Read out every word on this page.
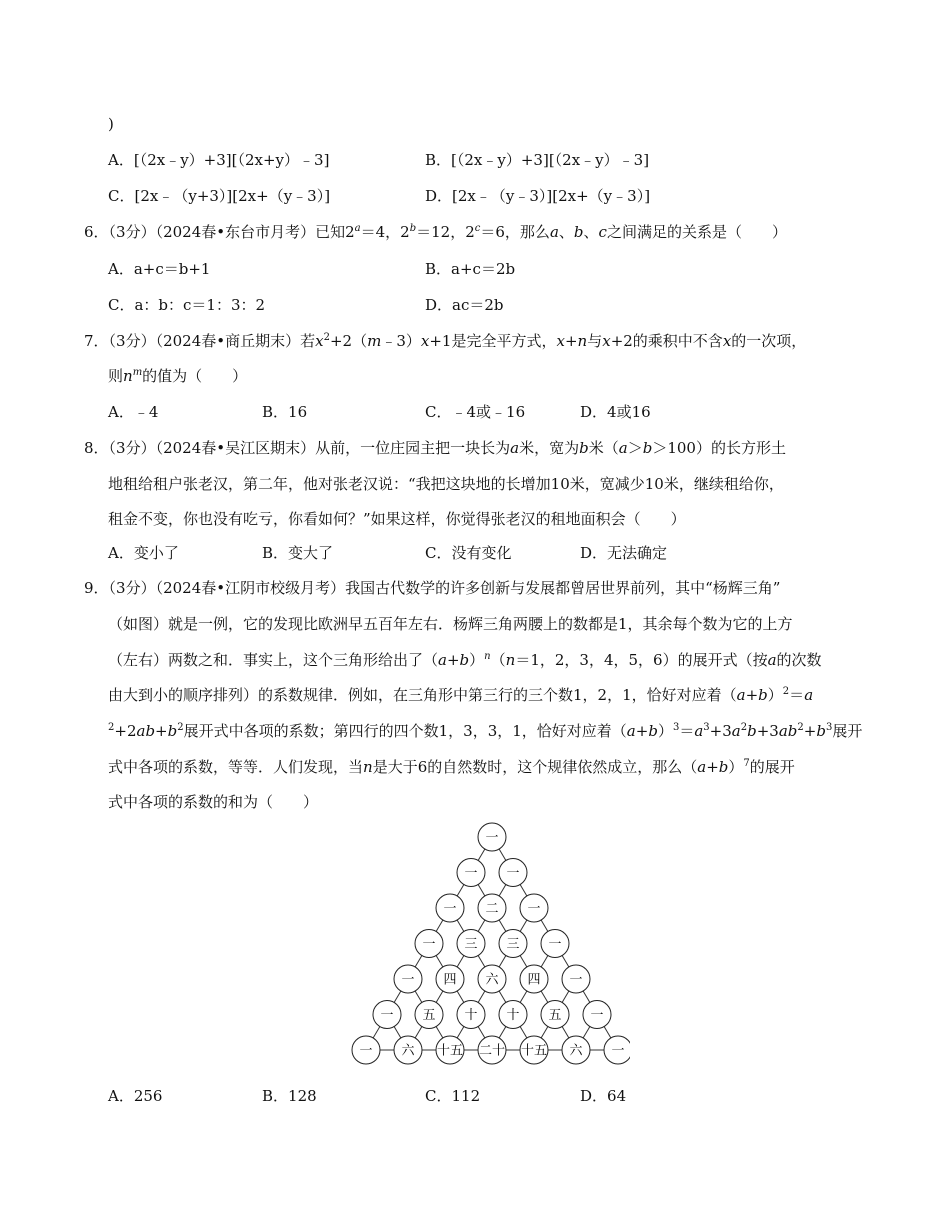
)
A．[（2x﹣y）+3][（2x+y）﹣3]	B．[（2x﹣y）+3][（2x﹣y）﹣3]
C．[2x﹣（y+3）][2x+（y﹣3）]	D．[2x﹣（y﹣3）][2x+（y﹣3）]
6．（3分）（2024春•东台市月考）已知$2^a=4$，$2^b=12$，$2^c=6$，那么a、b、c之间满足的关系是（　　）
A．a+c＝b+1	B．a+c＝2b
C．a：b：c＝1：3：2	D．ac＝2b
7．（3分）（2024春•商丘期末）若$x^2+2(m﹣3)x+1$是完全平方式，x+n与x+2的乘积中不含x的一次项，
则$n^m$的值为（　　）
A．﹣4	B．16	C．﹣4或﹣16	D．4或16
8．（3分）（2024春•吴江区期末）从前，一位庄园主把一块长为a米，宽为b米（a＞b＞100）的长方形土
地租给租户张老汉，第二年，他对张老汉说：“我把这块地的长增加10米，宽减少10米，继续租给你，
租金不变，你也没有吃亏，你看如何？”如果这样，你觉得张老汉的租地面积会（　　）
A．变小了	B．变大了	C．没有变化	D．无法确定
9．（3分）（2024春•江阴市校级月考）我国古代数学的许多创新与发展都曾居世界前列，其中“杨辉三角”
（如图）就是一例，它的发现比欧洲早五百年左右．杨辉三角两腰上的数都是1，其余每个数为它的上方
（左右）两数之和．事实上，这个三角形给出了$(a+b)^n(n=1$，2，3，4，5，6）的展开式（按a的次数
由大到小的顺序排列）的系数规律．例如，在三角形中第三行的三个数1，2，1，恰好对应着$(a+b)^2=a$
$^2+2ab+b^2$展开式中各项的系数；第四行的四个数1，3，3，1，恰好对应着$(a+b)^3=a^3+3a^2b+3ab^2+b^3$展开
式中各项的系数，等等．人们发现，当n是大于6的自然数时，这个规律依然成立，那么$(a+b)^7$的展开
式中各项的系数的和为（　　）
一
一 一
一 二 一
一 三 三 一
一 四 六 四 一
一 五 十 十 五 一
一 六 十五 二十 十五 六 一
A．256	B．128	C．112	D．64
